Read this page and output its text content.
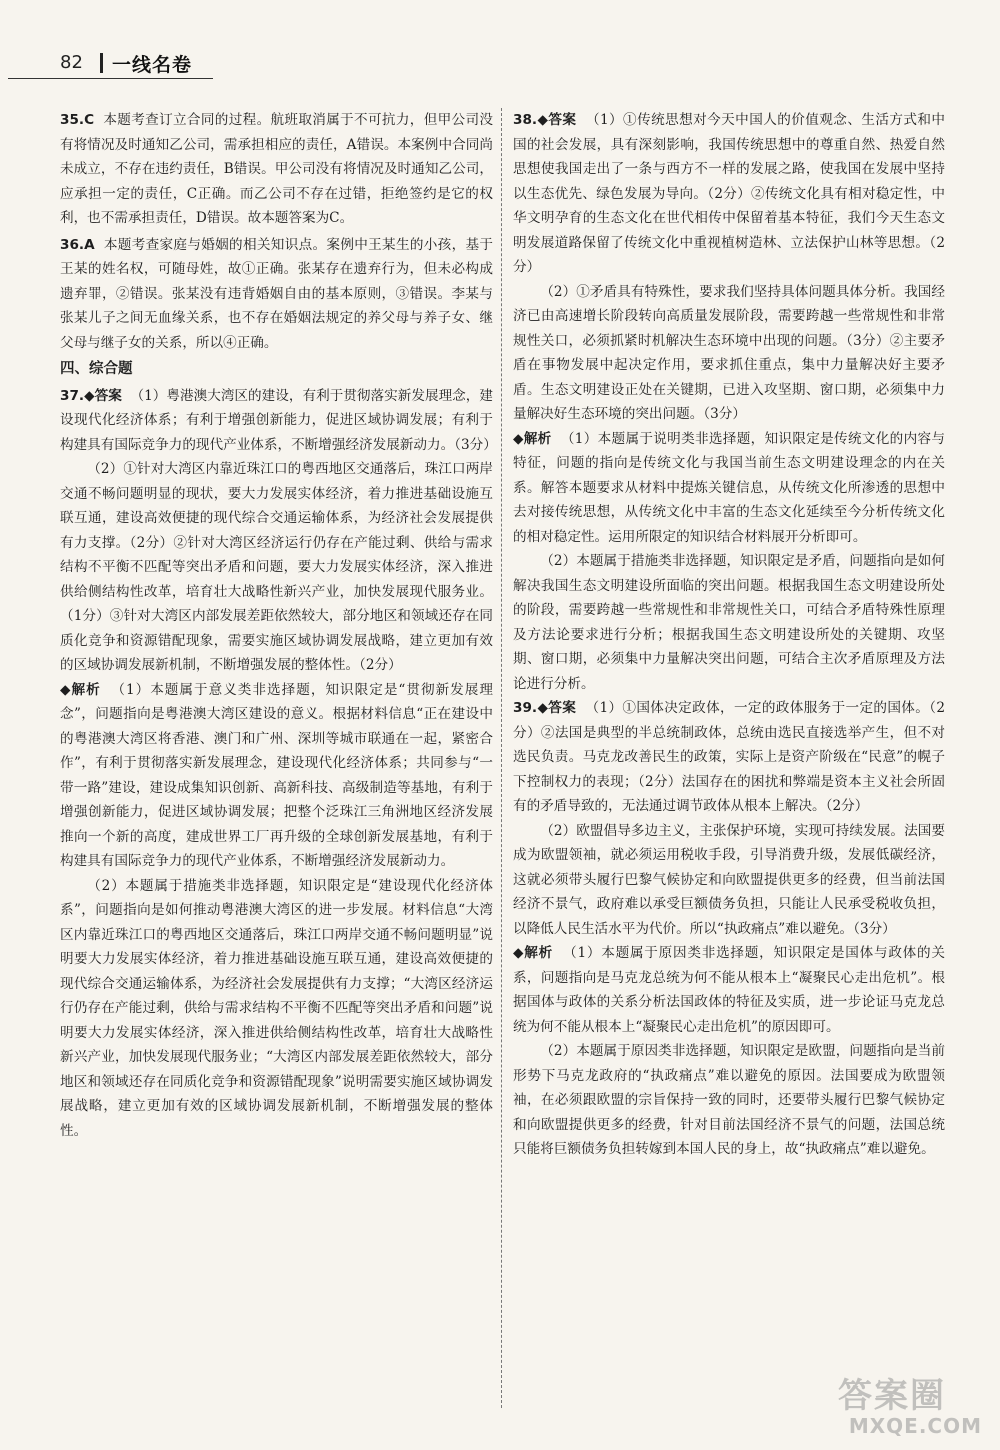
82 一线名卷

35.C 本题考查订立合同的过程。航班取消属于不可抗力，但甲公司没有将情况及时通知乙公司，需承担相应的责任，A错误。本案例中合同尚未成立，不存在违约责任，B错误。甲公司没有将情况及时通知乙公司，应承担一定的责任，C正确。而乙公司不存在过错，拒绝签约是它的权利，也不需承担责任，D错误。故本题答案为C。

36.A 本题考查家庭与婚姻的相关知识点。案例中王某生的小孩，基于王某的姓名权，可随母姓，故①正确。张某存在遗弃行为，但未必构成遗弃罪，②错误。张某没有违背婚姻自由的基本原则，③错误。李某与张某儿子之间无血缘关系，也不存在婚姻法规定的养父母与养子女、继父母与继子女的关系，所以④正确。

四、综合题

37.◆答案 （1）粤港澳大湾区的建设，有利于贯彻落实新发展理念，建设现代化经济体系；有利于增强创新能力，促进区域协调发展；有利于构建具有国际竞争力的现代产业体系，不断增强经济发展新动力。（3分）

（2）①针对大湾区内靠近珠江口的粤西地区交通落后，珠江口两岸交通不畅问题明显的现状，要大力发展实体经济，着力推进基础设施互联互通，建设高效便捷的现代综合交通运输体系，为经济社会发展提供有力支撑。（2分）②针对大湾区经济运行仍存在产能过剩、供给与需求结构不平衡不匹配等突出矛盾和问题，要大力发展实体经济，深入推进供给侧结构性改革，培育壮大战略性新兴产业，加快发展现代服务业。（1分）③针对大湾区内部发展差距依然较大，部分地区和领域还存在同质化竞争和资源错配现象，需要实施区域协调发展战略，建立更加有效的区域协调发展新机制，不断增强发展的整体性。（2分）

◆解析 （1）本题属于意义类非选择题，知识限定是“贯彻新发展理念”，问题指向是粤港澳大湾区建设的意义。根据材料信息“正在建设中的粤港澳大湾区将香港、澳门和广州、深圳等城市联通在一起，紧密合作”，有利于贯彻落实新发展理念，建设现代化经济体系；共同参与“一带一路”建设，建设成集知识创新、高新科技、高级制造等基地，有利于增强创新能力，促进区域协调发展；把整个泛珠江三角洲地区经济发展推向一个新的高度，建成世界工厂再升级的全球创新发展基地，有利于构建具有国际竞争力的现代产业体系，不断增强经济发展新动力。

（2）本题属于措施类非选择题，知识限定是“建设现代化经济体系”，问题指向是如何推动粤港澳大湾区的进一步发展。材料信息“大湾区内靠近珠江口的粤西地区交通落后，珠江口两岸交通不畅问题明显”说明要大力发展实体经济，着力推进基础设施互联互通，建设高效便捷的现代综合交通运输体系，为经济社会发展提供有力支撑；“大湾区经济运行仍存在产能过剩，供给与需求结构不平衡不匹配等突出矛盾和问题”说明要大力发展实体经济，深入推进供给侧结构性改革，培育壮大战略性新兴产业，加快发展现代服务业；“大湾区内部发展差距依然较大，部分地区和领域还存在同质化竞争和资源错配现象”说明需要实施区域协调发展战略，建立更加有效的区域协调发展新机制，不断增强发展的整体性。

38.◆答案 （1）①传统思想对今天中国人的价值观念、生活方式和中国的社会发展，具有深刻影响，我国传统思想中的尊重自然、热爱自然思想使我国走出了一条与西方不一样的发展之路，使我国在发展中坚持以生态优先、绿色发展为导向。（2分）②传统文化具有相对稳定性，中华文明孕育的生态文化在世代相传中保留着基本特征，我们今天生态文明发展道路保留了传统文化中重视植树造林、立法保护山林等思想。（2分）

（2）①矛盾具有特殊性，要求我们坚持具体问题具体分析。我国经济已由高速增长阶段转向高质量发展阶段，需要跨越一些常规性和非常规性关口，必须抓紧时机解决生态环境中出现的问题。（3分）②主要矛盾在事物发展中起决定作用，要求抓住重点，集中力量解决好主要矛盾。生态文明建设正处在关键期，已进入攻坚期、窗口期，必须集中力量解决好生态环境的突出问题。（3分）

◆解析 （1）本题属于说明类非选择题，知识限定是传统文化的内容与特征，问题的指向是传统文化与我国当前生态文明建设理念的内在关系。解答本题要求从材料中提炼关键信息，从传统文化所渗透的思想中去对接传统思想，从传统文化中丰富的生态文化延续至今分析传统文化的相对稳定性。运用所限定的知识结合材料展开分析即可。

（2）本题属于措施类非选择题，知识限定是矛盾，问题指向是如何解决我国生态文明建设所面临的突出问题。根据我国生态文明建设所处的阶段，需要跨越一些常规性和非常规性关口，可结合矛盾特殊性原理及方法论要求进行分析；根据我国生态文明建设所处的关键期、攻坚期、窗口期，必须集中力量解决突出问题，可结合主次矛盾原理及方法论进行分析。

39.◆答案 （1）①国体决定政体，一定的政体服务于一定的国体。（2分）②法国是典型的半总统制政体，总统由选民直接选举产生，但不对选民负责。马克龙改善民生的政策，实际上是资产阶级在“民意”的幌子下控制权力的表现；（2分）法国存在的困扰和弊端是资本主义社会所固有的矛盾导致的，无法通过调节政体从根本上解决。（2分）

（2）欧盟倡导多边主义，主张保护环境，实现可持续发展。法国要成为欧盟领袖，就必须运用税收手段，引导消费升级，发展低碳经济，这就必须带头履行巴黎气候协定和向欧盟提供更多的经费，但当前法国经济不景气，政府难以承受巨额债务负担，只能让人民承受税收负担，以降低人民生活水平为代价。所以“执政痛点”难以避免。（3分）

◆解析 （1）本题属于原因类非选择题，知识限定是国体与政体的关系，问题指向是马克龙总统为何不能从根本上“凝聚民心走出危机”。根据国体与政体的关系分析法国政体的特征及实质，进一步论证马克龙总统为何不能从根本上“凝聚民心走出危机”的原因即可。

（2）本题属于原因类非选择题，知识限定是欧盟，问题指向是当前形势下马克龙政府的“执政痛点”难以避免的原因。法国要成为欧盟领袖，在必须跟欧盟的宗旨保持一致的同时，还要带头履行巴黎气候协定和向欧盟提供更多的经费，针对目前法国经济不景气的问题，法国总统只能将巨额债务负担转嫁到本国人民的身上，故“执政痛点”难以避免。

答案圈
MXQE.COM
